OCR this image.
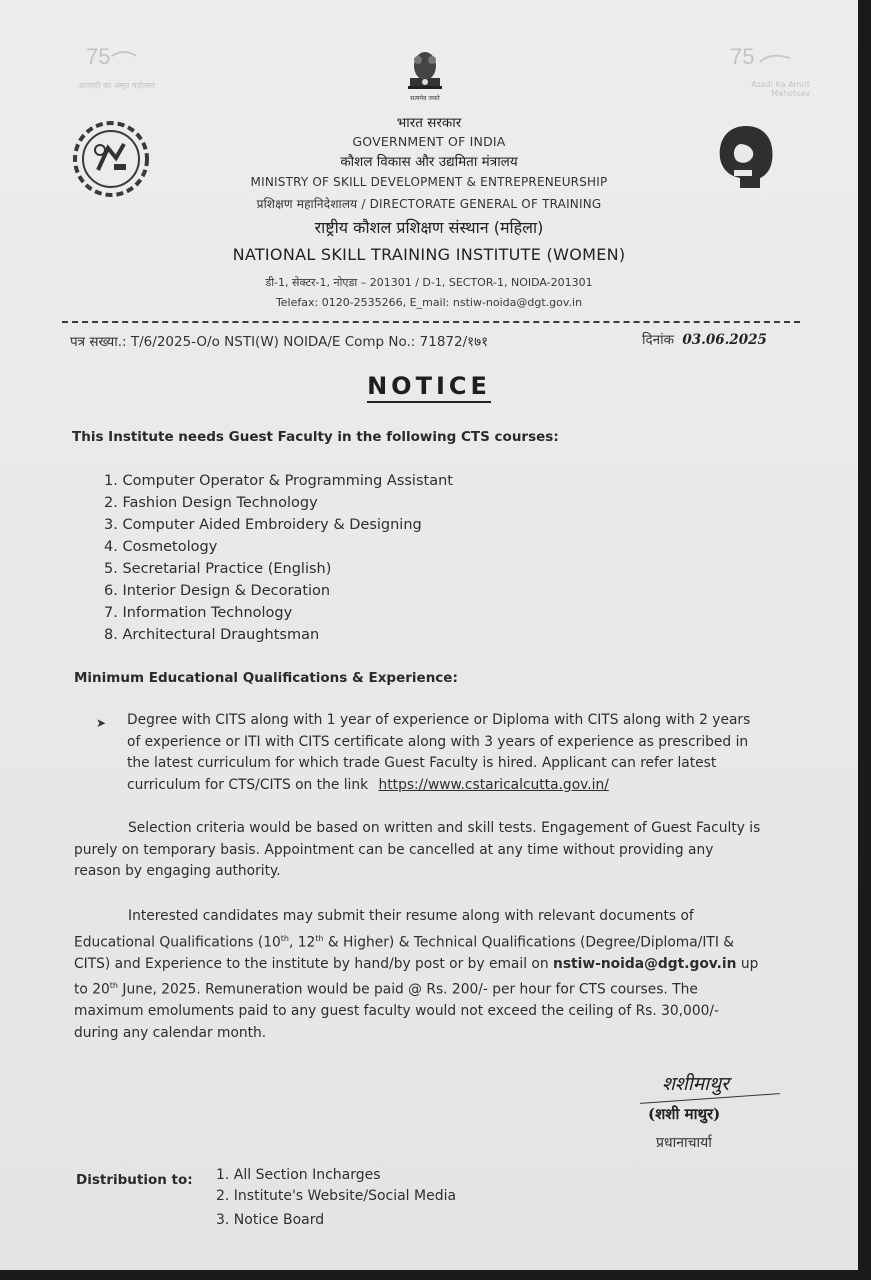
75
आज़ादी का अमृत महोत्सव
75
Azadi Ka Amrit Mahotsav
सत्यमेव जयते
भारत सरकार
GOVERNMENT OF INDIA
कौशल विकास और उद्यमिता मंत्रालय
MINISTRY OF SKILL DEVELOPMENT & ENTREPRENEURSHIP
प्रशिक्षण महानिदेशालय / DIRECTORATE GENERAL OF TRAINING
राष्ट्रीय कौशल प्रशिक्षण संस्थान (महिला)
NATIONAL SKILL TRAINING INSTITUTE (WOMEN)
डी-1, सेक्टर-1, नोएडा – 201301 / D-1, SECTOR-1, NOIDA-201301
Telefax: 0120-2535266, E_mail: nstiw-noida@dgt.gov.in
पत्र सख्या.: T/6/2025-O/o NSTI(W) NOIDA/E Comp No.: 71872/१७१	दिनांक 03.06.2025
NOTICE
This Institute needs Guest Faculty in the following CTS courses:
1. Computer Operator & Programming Assistant
2. Fashion Design Technology
3. Computer Aided Embroidery & Designing
4. Cosmetology
5. Secretarial Practice (English)
6. Interior Design & Decoration
7. Information Technology
8. Architectural Draughtsman
Minimum Educational Qualifications & Experience:
➤ Degree with CITS along with 1 year of experience or Diploma with CITS along with 2 years of experience or ITI with CITS certificate along with 3 years of experience as prescribed in the latest curriculum for which trade Guest Faculty is hired. Applicant can refer latest curriculum for CTS/CITS on the link https://www.cstaricalcutta.gov.in/
Selection criteria would be based on written and skill tests. Engagement of Guest Faculty is purely on temporary basis. Appointment can be cancelled at any time without providing any reason by engaging authority.
Interested candidates may submit their resume along with relevant documents of Educational Qualifications (10th, 12th & Higher) & Technical Qualifications (Degree/Diploma/ITI & CITS) and Experience to the institute by hand/by post or by email on nstiw-noida@dgt.gov.in up to 20th June, 2025. Remuneration would be paid @ Rs. 200/- per hour for CTS courses. The maximum emoluments paid to any guest faculty would not exceed the ceiling of Rs. 30,000/- during any calendar month.
शशीमाथुर
(शशी माथुर)
प्रधानाचार्या
Distribution to: 1. All Section Incharges
2. Institute's Website/Social Media
3. Notice Board
